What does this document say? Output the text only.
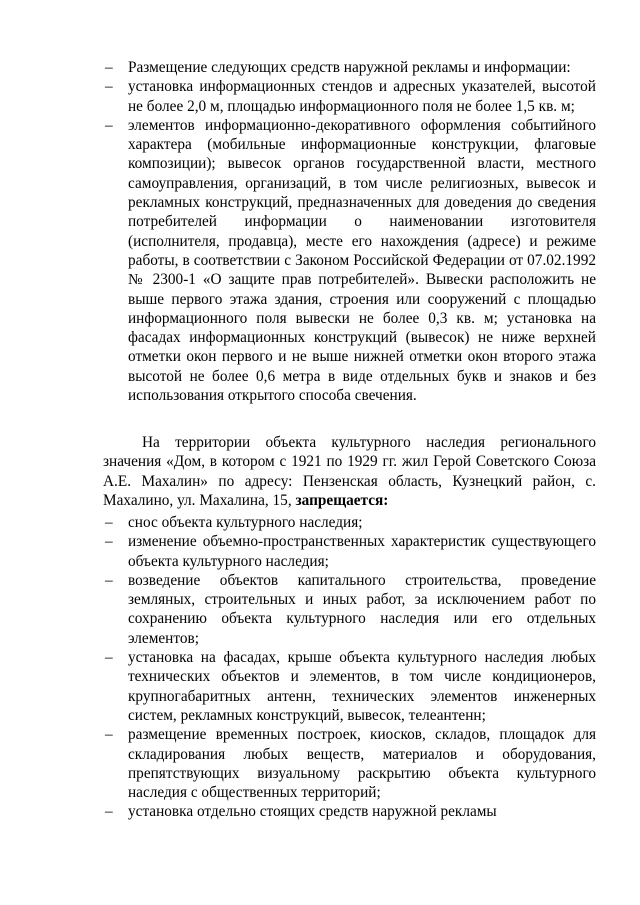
– Размещение следующих средств наружной рекламы и информации:
– установка информационных стендов и адресных указателей, высотой не более 2,0 м, площадью информационного поля не более 1,5 кв. м;
– элементов информационно-декоративного оформления событийного характера (мобильные информационные конструкции, флаговые композиции); вывесок органов государственной власти, местного самоуправления, организаций, в том числе религиозных, вывесок и рекламных конструкций, предназначенных для доведения до сведения потребителей информации о наименовании изготовителя (исполнителя, продавца), месте его нахождения (адресе) и режиме работы, в соответствии с Законом Российской Федерации от 07.02.1992 № 2300-1 «О защите прав потребителей». Вывески расположить не выше первого этажа здания, строения или сооружений с площадью информационного поля вывески не более 0,3 кв. м; установка на фасадах информационных конструкций (вывесок) не ниже верхней отметки окон первого и не выше нижней отметки окон второго этажа высотой не более 0,6 метра в виде отдельных букв и знаков и без использования открытого способа свечения.

На территории объекта культурного наследия регионального значения «Дом, в котором с 1921 по 1929 гг. жил Герой Советского Союза А.Е. Махалин» по адресу: Пензенская область, Кузнецкий район, с. Махалино, ул. Махалина, 15, запрещается:

– снос объекта культурного наследия;
– изменение объемно-пространственных характеристик существующего объекта культурного наследия;
– возведение объектов капитального строительства, проведение земляных, строительных и иных работ, за исключением работ по сохранению объекта культурного наследия или его отдельных элементов;
– установка на фасадах, крыше объекта культурного наследия любых технических объектов и элементов, в том числе кондиционеров, крупногабаритных антенн, технических элементов инженерных систем, рекламных конструкций, вывесок, телеантенн;
– размещение временных построек, киосков, складов, площадок для складирования любых веществ, материалов и оборудования, препятствующих визуальному раскрытию объекта культурного наследия с общественных территорий;
– установка отдельно стоящих средств наружной рекламы
